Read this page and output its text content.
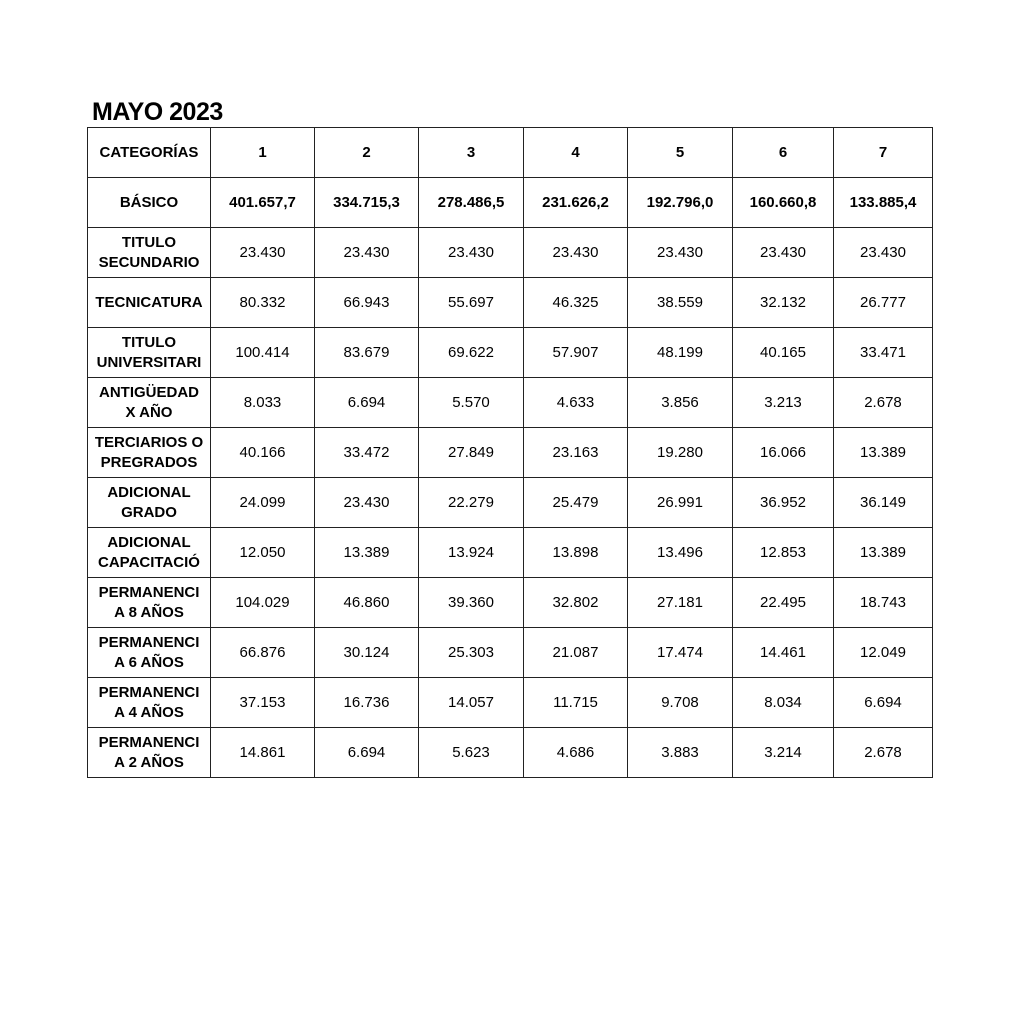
MAYO 2023
CATEGORÍAS	1	2	3	4	5	6	7
BÁSICO	401.657,7	334.715,3	278.486,5	231.626,2	192.796,0	160.660,8	133.885,4
TITULO
SECUNDARIO	23.430	23.430	23.430	23.430	23.430	23.430	23.430
TECNICATURA	80.332	66.943	55.697	46.325	38.559	32.132	26.777
TITULO
UNIVERSITARI	100.414	83.679	69.622	57.907	48.199	40.165	33.471
ANTIGÜEDAD
X AÑO	8.033	6.694	5.570	4.633	3.856	3.213	2.678
TERCIARIOS O
PREGRADOS	40.166	33.472	27.849	23.163	19.280	16.066	13.389
ADICIONAL
GRADO	24.099	23.430	22.279	25.479	26.991	36.952	36.149
ADICIONAL
CAPACITACIÓ	12.050	13.389	13.924	13.898	13.496	12.853	13.389
PERMANENCI
A 8 AÑOS	104.029	46.860	39.360	32.802	27.181	22.495	18.743
PERMANENCI
A 6 AÑOS	66.876	30.124	25.303	21.087	17.474	14.461	12.049
PERMANENCI
A 4 AÑOS	37.153	16.736	14.057	11.715	9.708	8.034	6.694
PERMANENCI
A 2 AÑOS	14.861	6.694	5.623	4.686	3.883	3.214	2.678
